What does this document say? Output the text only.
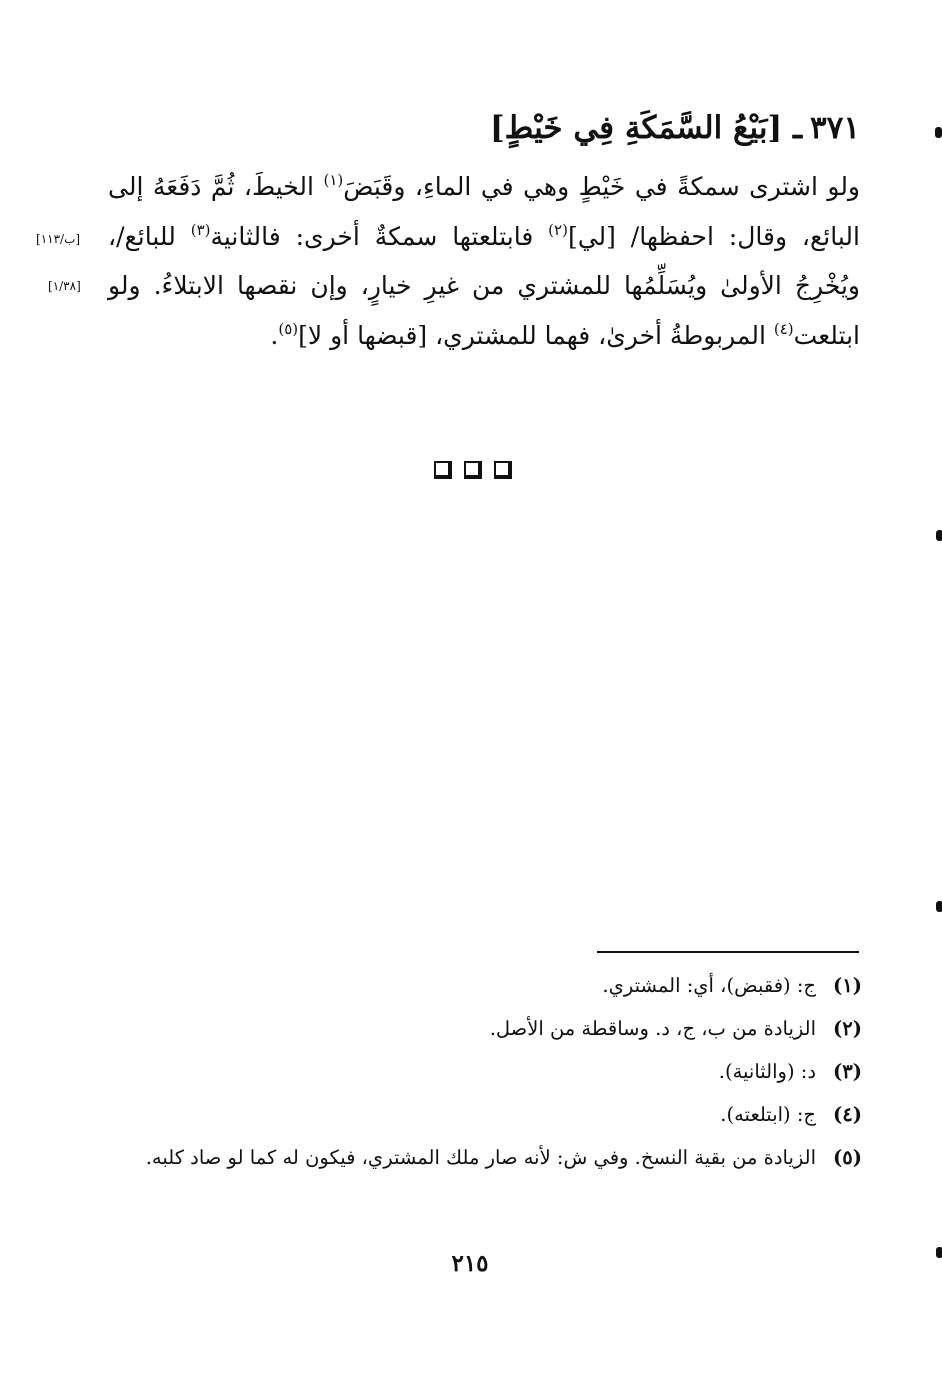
٣٧١ـ [بَيْعُ السَّمَكَةِ فِي خَيْطٍ]
ولو اشترى سمكةً في خَيْطٍ وهي في الماءِ، وقَبَضَ$^{(١)}$ الخيطَ، ثُمَّ دَفَعَهُ إلى البائع، وقال: احفظها/ [لي]$^{(٢)}$ فابتلعتها سمكةٌ أخرى: فالثانية$^{(٣)}$ للبائع/، ويُخْرِجُ الأولىٰ ويُسَلِّمُها للمشتري من غيرِ خيارٍ، وإن نقصها الابتلاءُ. ولو ابتلعت$^{(٤)}$ المربوطةُ أخرىٰ، فهما للمشتري، [قبضها أو لا]$^{(٥)}$.
[ب/١١٣]
[١/٣٨]
(١)
ج: (فقبض)، أي: المشتري.
(٢)
الزيادة من ب، ج، د. وساقطة من الأصل.
(٣)
د: (والثانية).
(٤)
ج: (ابتلعته).
(٥)
الزيادة من بقية النسخ. وفي ش: لأنه صار ملك المشتري، فيكون له كما لو صاد كلبه.
٢١٥
